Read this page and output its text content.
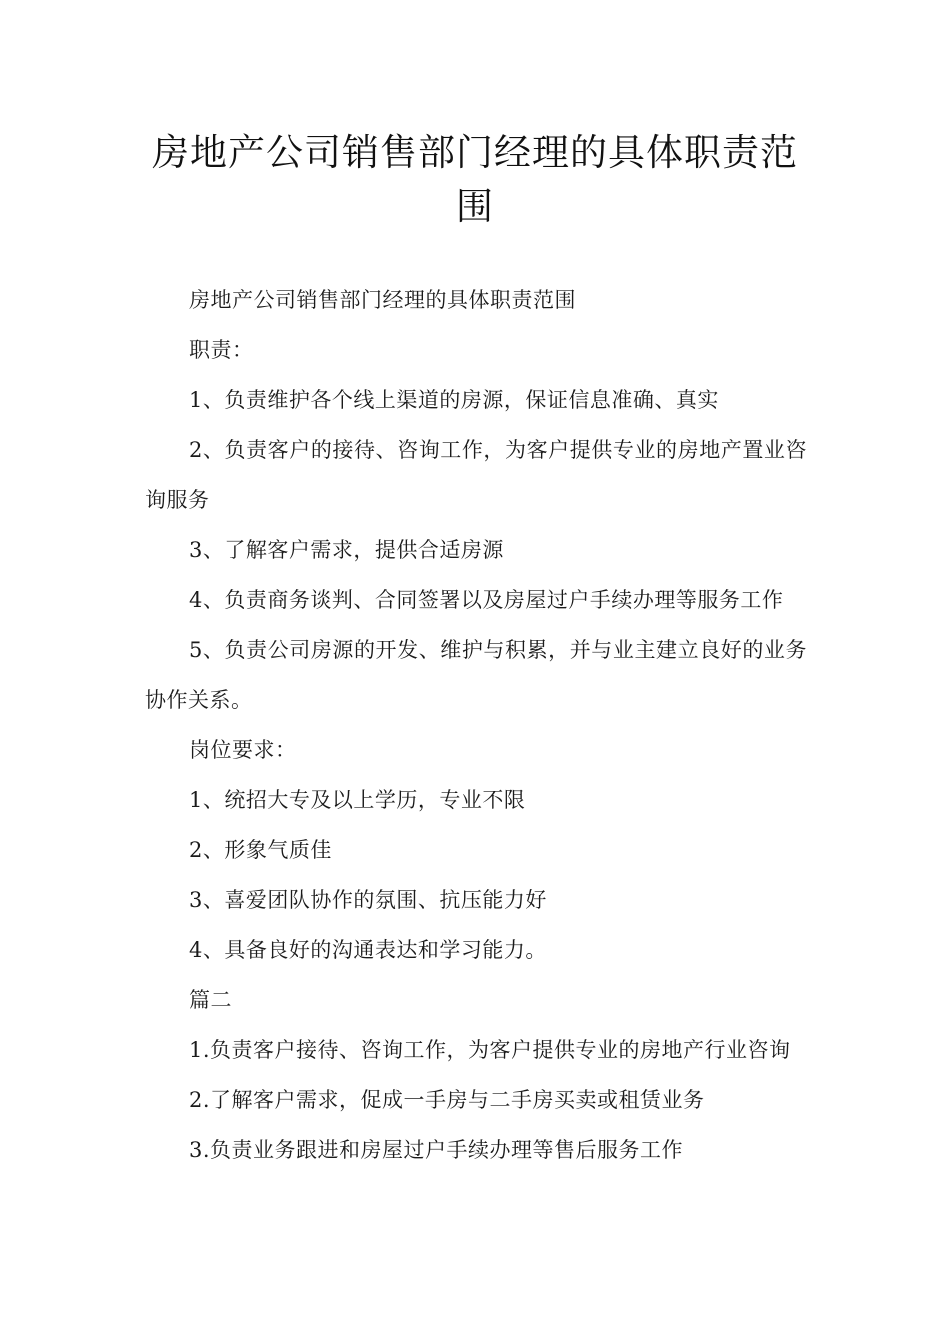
房地产公司销售部门经理的具体职责范围

房地产公司销售部门经理的具体职责范围

职责：

1、负责维护各个线上渠道的房源，保证信息准确、真实

2、负责客户的接待、咨询工作，为客户提供专业的房地产置业咨询服务

3、了解客户需求，提供合适房源

4、负责商务谈判、合同签署以及房屋过户手续办理等服务工作

5、负责公司房源的开发、维护与积累，并与业主建立良好的业务协作关系。

岗位要求：

1、统招大专及以上学历，专业不限

2、形象气质佳

3、喜爱团队协作的氛围、抗压能力好

4、具备良好的沟通表达和学习能力。

篇二

1.负责客户接待、咨询工作，为客户提供专业的房地产行业咨询

2.了解客户需求，促成一手房与二手房买卖或租赁业务

3.负责业务跟进和房屋过户手续办理等售后服务工作
